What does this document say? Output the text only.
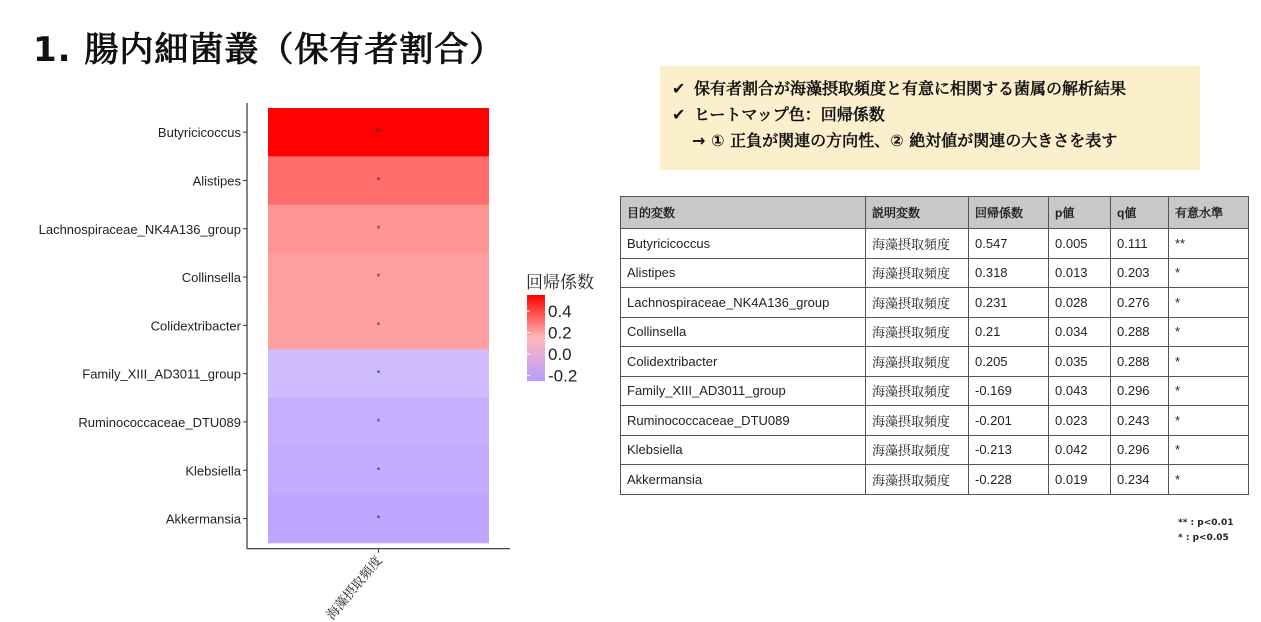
1. 腸内細菌叢（保有者割合）
**
Butyricicoccus
*
Alistipes
*
Lachnospiraceae_NK4A136_group
*
Collinsella
*
Colidextribacter
*
Family_XIII_AD3011_group
*
Ruminococcaceae_DTU089
*
Klebsiella
*
Akkermansia
海藻摂取頻度
回帰係数
0.4
0.2
0.0
-0.2
✔ 保有者割合が海藻摂取頻度と有意に相関する菌属の解析結果
✔ ヒートマップ色：回帰係数
→ ① 正負が関連の方向性、② 絶対値が関連の大きさを表す
目的変数	説明変数	回帰係数	p値	q値	有意水準
Butyricicoccus	海藻摂取頻度	0.547	0.005	0.111	**
Alistipes	海藻摂取頻度	0.318	0.013	0.203	*
Lachnospiraceae_NK4A136_group	海藻摂取頻度	0.231	0.028	0.276	*
Collinsella	海藻摂取頻度	0.21	0.034	0.288	*
Colidextribacter	海藻摂取頻度	0.205	0.035	0.288	*
Family_XIII_AD3011_group	海藻摂取頻度	-0.169	0.043	0.296	*
Ruminococcaceae_DTU089	海藻摂取頻度	-0.201	0.023	0.243	*
Klebsiella	海藻摂取頻度	-0.213	0.042	0.296	*
Akkermansia	海藻摂取頻度	-0.228	0.019	0.234	*
** : p<0.01
* : p<0.05
